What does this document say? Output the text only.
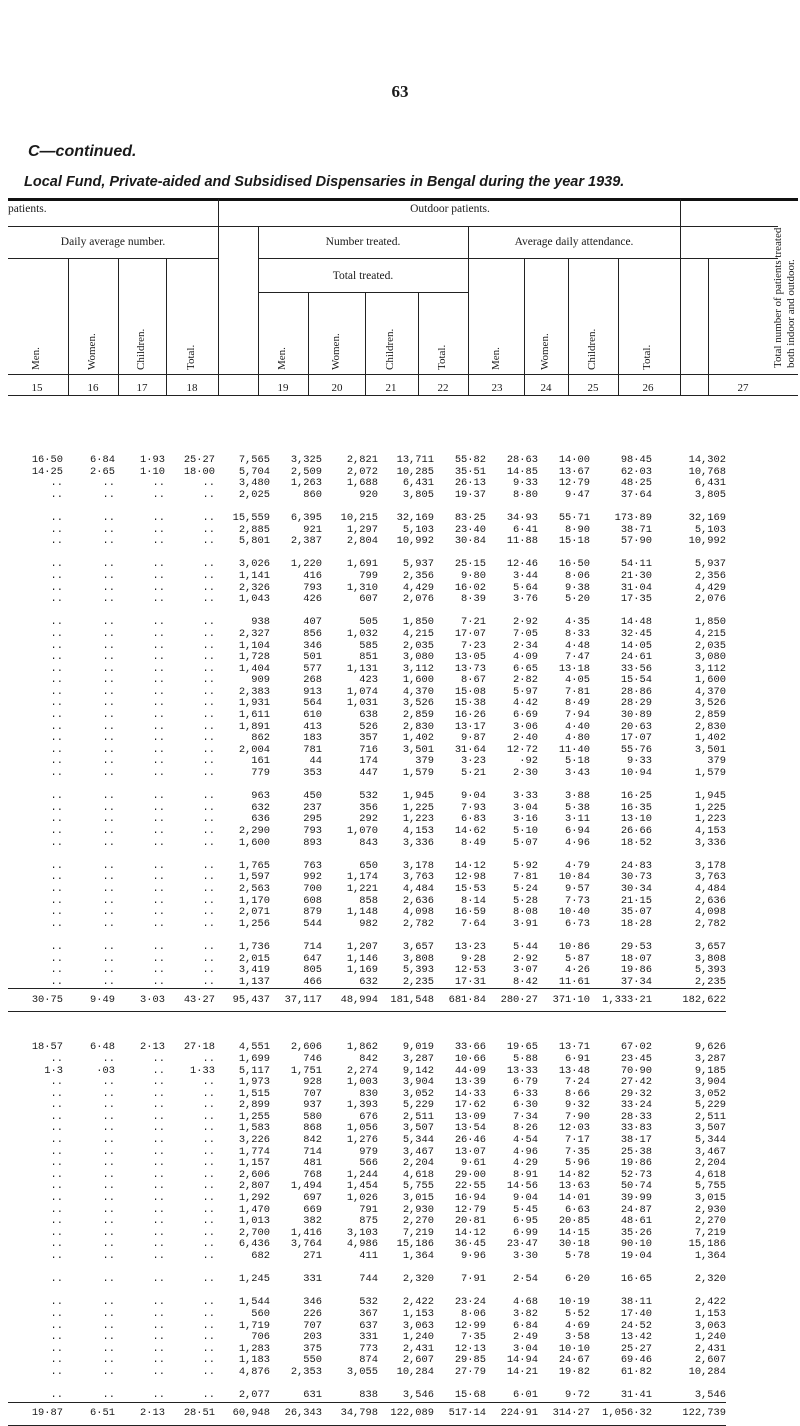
63
C—continued.
Local Fund, Private-aided and Subsidised Dispensaries in Bengal during the year 1939.
patients.	Outdoor patients.
Daily average number.	Number treated.	Average daily attendance.
Total treated.	Total number of patients treated both indoor and outdoor.
Men.	Women.	Children.	Total.	Men.	Women.	Children.	Total.	Men.	Women.	Children.	Total.
15	16	17	18	19	20	21	22	23	24	25	26	27
16·50	6·84	1·93	25·27	7,565	3,325	2,821	13,711	55·82	28·63	14·00	98·45	14,302
14·25	2·65	1·10	18·00	5,704	2,509	2,072	10,285	35·51	14·85	13·67	62·03	10,768
..	..	..	..	3,480	1,263	1,688	6,431	26·13	9·33	12·79	48·25	6,431
..	..	..	..	2,025	860	920	3,805	19·37	8·80	9·47	37·64	3,805

..	..	..	..	15,559	6,395	10,215	32,169	83·25	34·93	55·71	173·89	32,169
..	..	..	..	2,885	921	1,297	5,103	23·40	6·41	8·90	38·71	5,103
..	..	..	..	5,801	2,387	2,804	10,992	30·84	11·88	15·18	57·90	10,992

..	..	..	..	3,026	1,220	1,691	5,937	25·15	12·46	16·50	54·11	5,937
..	..	..	..	1,141	416	799	2,356	9·80	3·44	8·06	21·30	2,356
..	..	..	..	2,326	793	1,310	4,429	16·02	5·64	9·38	31·04	4,429
..	..	..	..	1,043	426	607	2,076	8·39	3·76	5·20	17·35	2,076

..	..	..	..	938	407	505	1,850	7·21	2·92	4·35	14·48	1,850
..	..	..	..	2,327	856	1,032	4,215	17·07	7·05	8·33	32·45	4,215
..	..	..	..	1,104	346	585	2,035	7·23	2·34	4·48	14·05	2,035
..	..	..	..	1,728	501	851	3,080	13·05	4·09	7·47	24·61	3,080
..	..	..	..	1,404	577	1,131	3,112	13·73	6·65	13·18	33·56	3,112
..	..	..	..	909	268	423	1,600	8·67	2·82	4·05	15·54	1,600
..	..	..	..	2,383	913	1,074	4,370	15·08	5·97	7·81	28·86	4,370
..	..	..	..	1,931	564	1,031	3,526	15·38	4·42	8·49	28·29	3,526
..	..	..	..	1,611	610	638	2,859	16·26	6·69	7·94	30·89	2,859
..	..	..	..	1,891	413	526	2,830	13·17	3·06	4·40	20·63	2,830
..	..	..	..	862	183	357	1,402	9·87	2·40	4·80	17·07	1,402
..	..	..	..	2,004	781	716	3,501	31·64	12·72	11·40	55·76	3,501
..	..	..	..	161	44	174	379	3·23	·92	5·18	9·33	379
..	..	..	..	779	353	447	1,579	5·21	2·30	3·43	10·94	1,579

..	..	..	..	963	450	532	1,945	9·04	3·33	3·88	16·25	1,945
..	..	..	..	632	237	356	1,225	7·93	3·04	5·38	16·35	1,225
..	..	..	..	636	295	292	1,223	6·83	3·16	3·11	13·10	1,223
..	..	..	..	2,290	793	1,070	4,153	14·62	5·10	6·94	26·66	4,153
..	..	..	..	1,600	893	843	3,336	8·49	5·07	4·96	18·52	3,336

..	..	..	..	1,765	763	650	3,178	14·12	5·92	4·79	24·83	3,178
..	..	..	..	1,597	992	1,174	3,763	12·98	7·81	10·84	30·73	3,763
..	..	..	..	2,563	700	1,221	4,484	15·53	5·24	9·57	30·34	4,484
..	..	..	..	1,170	608	858	2,636	8·14	5·28	7·73	21·15	2,636
..	..	..	..	2,071	879	1,148	4,098	16·59	8·08	10·40	35·07	4,098
..	..	..	..	1,256	544	982	2,782	7·64	3·91	6·73	18·28	2,782

..	..	..	..	1,736	714	1,207	3,657	13·23	5·44	10·86	29·53	3,657
..	..	..	..	2,015	647	1,146	3,808	9·28	2·92	5·87	18·07	3,808
..	..	..	..	3,419	805	1,169	5,393	12·53	3·07	4·26	19·86	5,393
..	..	..	..	1,137	466	632	2,235	17·31	8·42	11·61	37·34	2,235
30·75	9·49	3·03	43·27	95,437	37,117	48,994	181,548	681·84	280·27	371·10	1,333·21	182,622

18·57	6·48	2·13	27·18	4,551	2,606	1,862	9,019	33·66	19·65	13·71	67·02	9,626
..	..	..	..	1,699	746	842	3,287	10·66	5·88	6·91	23·45	3,287
1·3	·03	..	1·33	5,117	1,751	2,274	9,142	44·09	13·33	13·48	70·90	9,185
..	..	..	..	1,973	928	1,003	3,904	13·39	6·79	7·24	27·42	3,904
..	..	..	..	1,515	707	830	3,052	14·33	6·33	8·66	29·32	3,052
..	..	..	..	2,899	937	1,393	5,229	17·62	6·30	9·32	33·24	5,229
..	..	..	..	1,255	580	676	2,511	13·09	7·34	7·90	28·33	2,511
..	..	..	..	1,583	868	1,056	3,507	13·54	8·26	12·03	33·83	3,507
..	..	..	..	3,226	842	1,276	5,344	26·46	4·54	7·17	38·17	5,344
..	..	..	..	1,774	714	979	3,467	13·07	4·96	7·35	25·38	3,467
..	..	..	..	1,157	481	566	2,204	9·61	4·29	5·96	19·86	2,204
..	..	..	..	2,606	768	1,244	4,618	29·00	8·91	14·82	52·73	4,618
..	..	..	..	2,807	1,494	1,454	5,755	22·55	14·56	13·63	50·74	5,755
..	..	..	..	1,292	697	1,026	3,015	16·94	9·04	14·01	39·99	3,015
..	..	..	..	1,470	669	791	2,930	12·79	5·45	6·63	24·87	2,930
..	..	..	..	1,013	382	875	2,270	20·81	6·95	20·85	48·61	2,270
..	..	..	..	2,700	1,416	3,103	7,219	14·12	6·99	14·15	35·26	7,219
..	..	..	..	6,436	3,764	4,986	15,186	36·45	23·47	30·18	90·10	15,186
..	..	..	..	682	271	411	1,364	9·96	3·30	5·78	19·04	1,364

..	..	..	..	1,245	331	744	2,320	7·91	2·54	6·20	16·65	2,320

..	..	..	..	1,544	346	532	2,422	23·24	4·68	10·19	38·11	2,422
..	..	..	..	560	226	367	1,153	8·06	3·82	5·52	17·40	1,153
..	..	..	..	1,719	707	637	3,063	12·99	6·84	4·69	24·52	3,063
..	..	..	..	706	203	331	1,240	7·35	2·49	3·58	13·42	1,240
..	..	..	..	1,283	375	773	2,431	12·13	3·04	10·10	25·27	2,431
..	..	..	..	1,183	550	874	2,607	29·85	14·94	24·67	69·46	2,607
..	..	..	..	4,876	2,353	3,055	10,284	27·79	14·21	19·82	61·82	10,284

..	..	..	..	2,077	631	838	3,546	15·68	6·01	9·72	31·41	3,546
19·87	6·51	2·13	28·51	60,948	26,343	34,798	122,089	517·14	224·91	314·27	1,056·32	122,739
